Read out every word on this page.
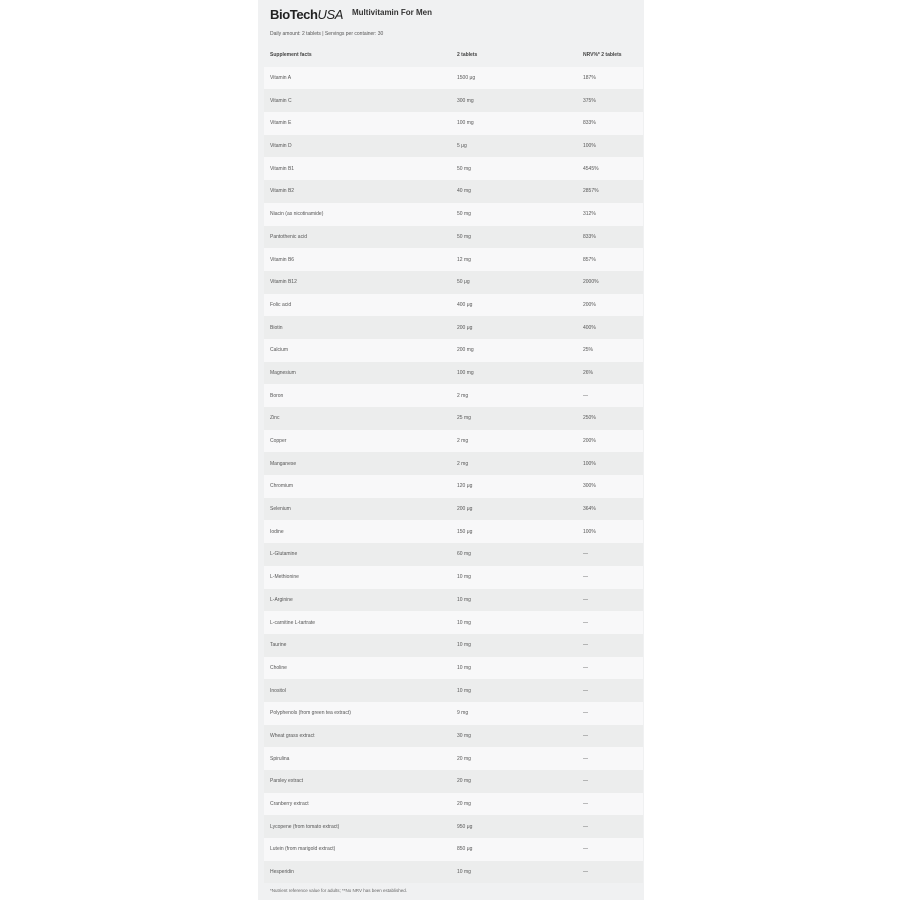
BioTechUSA Multivitamin For Men
Daily amount: 2 tablets | Servings per container: 30
Supplement facts	2 tablets	NRV%* 2 tablets
Vitamin A	1500 μg	187%
Vitamin C	300 mg	375%
Vitamin E	100 mg	833%
Vitamin D	5 μg	100%
Vitamin B1	50 mg	4545%
Vitamin B2	40 mg	2857%
Niacin (as nicotinamide)	50 mg	312%
Pantothenic acid	50 mg	833%
Vitamin B6	12 mg	857%
Vitamin B12	50 μg	2000%
Folic acid	400 μg	200%
Biotin	200 μg	400%
Calcium	200 mg	25%
Magnesium	100 mg	26%
Boron	2 mg	—
Zinc	25 mg	250%
Copper	2 mg	200%
Manganese	2 mg	100%
Chromium	120 μg	300%
Selenium	200 μg	364%
Iodine	150 μg	100%
L-Glutamine	60 mg	—
L-Methionine	10 mg	—
L-Arginine	10 mg	—
L-carnitine L-tartrate	10 mg	—
Taurine	10 mg	—
Choline	10 mg	—
Inositol	10 mg	—
Polyphenols (from green tea extract)	9 mg	—
Wheat grass extract	30 mg	—
Spirulina	20 mg	—
Parsley extract	20 mg	—
Cranberry extract	20 mg	—
Lycopene (from tomato extract)	950 μg	—
Lutein (from marigold extract)	850 μg	—
Hesperidin	10 mg	—
*Nutrient reference value for adults; **No NRV has been established.
